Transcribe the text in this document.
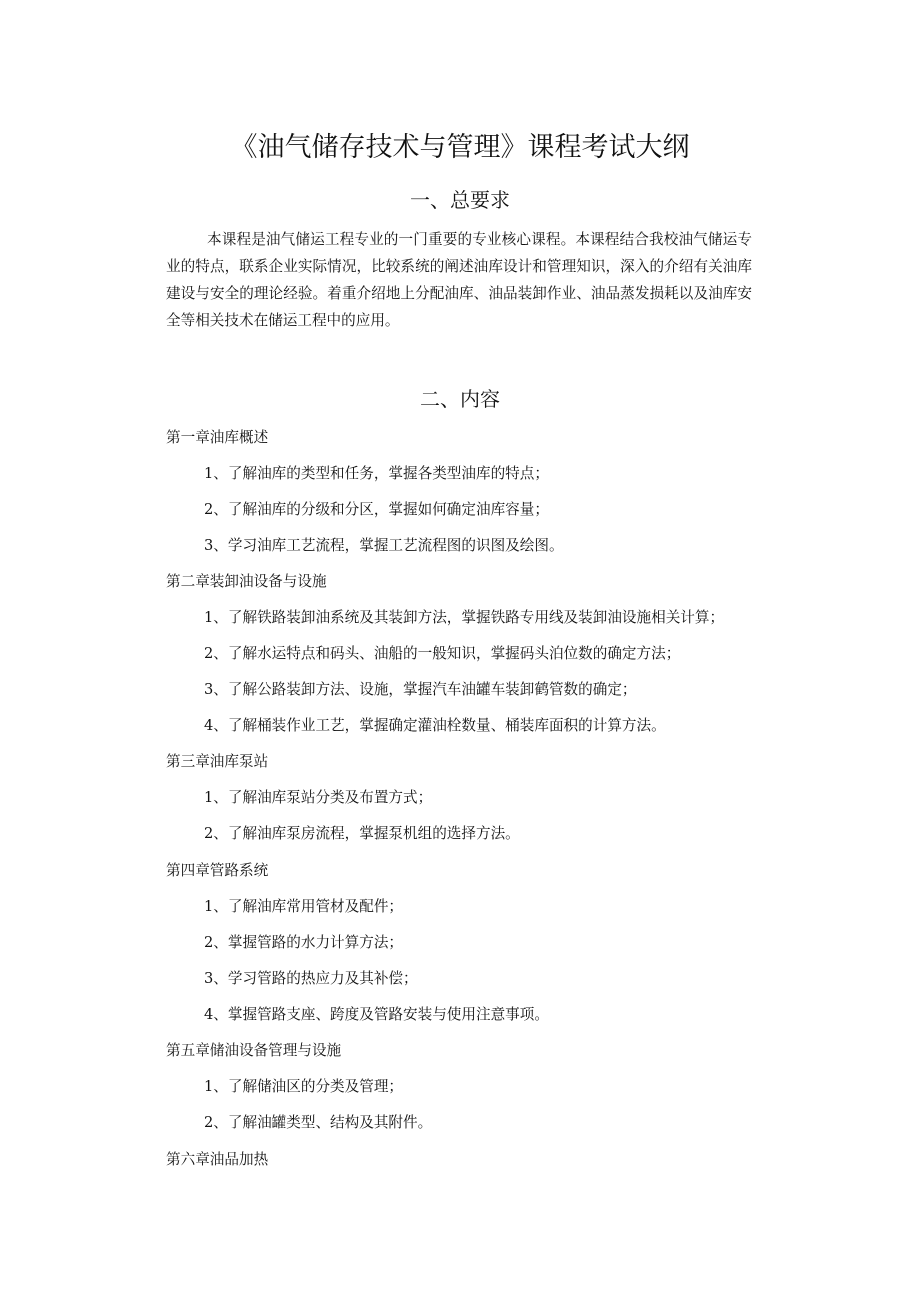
《油气储存技术与管理》课程考试大纲
一、总要求

本课程是油气储运工程专业的一门重要的专业核心课程。本课程结合我校油气储运专业的特点，联系企业实际情况，比较系统的阐述油库设计和管理知识，深入的介绍有关油库建设与安全的理论经验。着重介绍地上分配油库、油品装卸作业、油品蒸发损耗以及油库安全等相关技术在储运工程中的应用。

二、内容

第一章油库概述

1、了解油库的类型和任务，掌握各类型油库的特点；

2、了解油库的分级和分区，掌握如何确定油库容量；

3、学习油库工艺流程，掌握工艺流程图的识图及绘图。

第二章装卸油设备与设施

1、了解铁路装卸油系统及其装卸方法，掌握铁路专用线及装卸油设施相关计算；

2、了解水运特点和码头、油船的一般知识，掌握码头泊位数的确定方法；

3、了解公路装卸方法、设施，掌握汽车油罐车装卸鹤管数的确定；

4、了解桶装作业工艺，掌握确定灌油栓数量、桶装库面积的计算方法。

第三章油库泵站

1、了解油库泵站分类及布置方式；

2、了解油库泵房流程，掌握泵机组的选择方法。

第四章管路系统

1、了解油库常用管材及配件；

2、掌握管路的水力计算方法；

3、学习管路的热应力及其补偿；

4、掌握管路支座、跨度及管路安装与使用注意事项。

第五章储油设备管理与设施

1、了解储油区的分类及管理；

2、了解油罐类型、结构及其附件。

第六章油品加热
